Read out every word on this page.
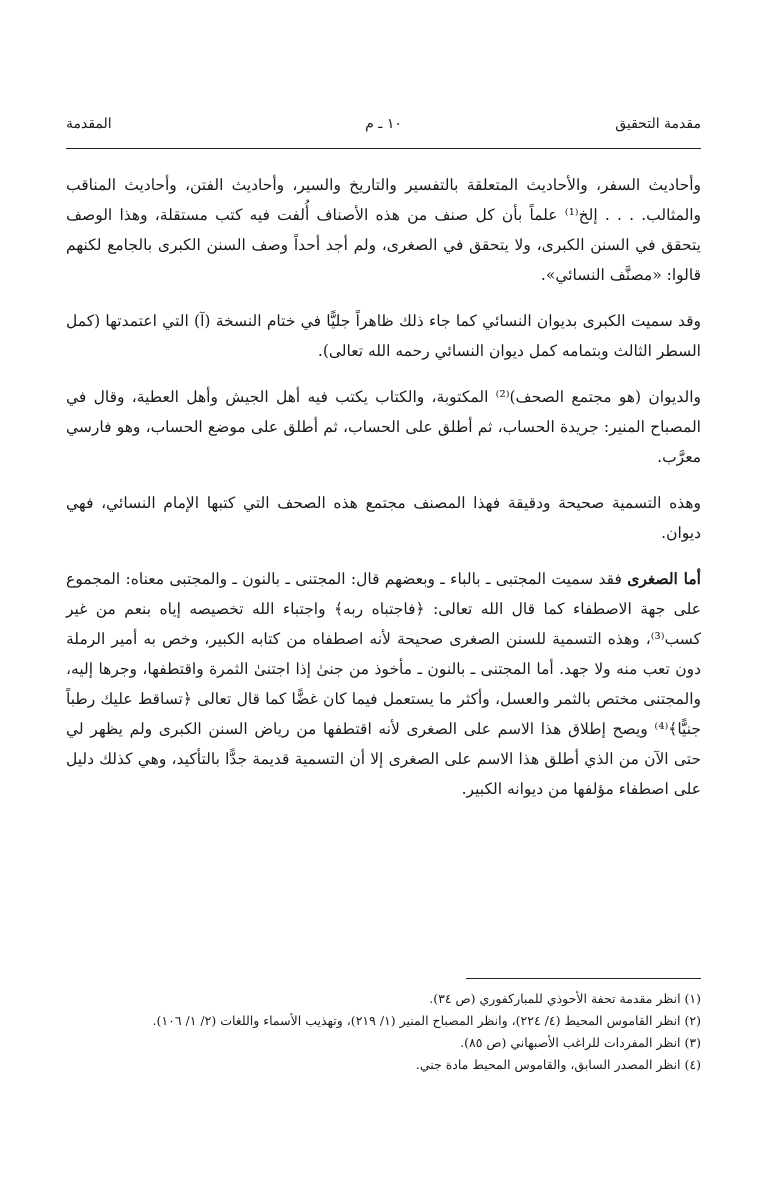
مقدمة التحقيق
١٠ ـ م
المقدمة

وأحاديث السفر، والأحاديث المتعلقة بالتفسير والتاريخ والسير، وأحاديث الفتن، وأحاديث المناقب والمثالب. . . . إلخ⁽¹⁾ علماً بأن كل صنف من هذه الأصناف أُلفت فيه كتب مستقلة، وهذا الوصف يتحقق في السنن الكبرى، ولا يتحقق في الصغرى، ولم أجد أحداً وصف السنن الكبرى بالجامع لكنهم قالوا: «مصنَّف النسائي».

وقد سميت الكبرى بديوان النسائي كما جاء ذلك ظاهراً جليًّا في ختام النسخة (آ) التي اعتمدتها (كمل السطر الثالث وبتمامه كمل ديوان النسائي رحمه الله تعالى).

والديوان (هو مجتمع الصحف)⁽²⁾ المكتوبة، والكتاب يكتب فيه أهل الجيش وأهل العطية، وقال في المصباح المنير: جريدة الحساب، ثم أطلق على الحساب، ثم أطلق على موضع الحساب، وهو فارسي معرَّب.

وهذه التسمية صحيحة ودقيقة فهذا المصنف مجتمع هذه الصحف التي كتبها الإمام النسائي، فهي ديوان.

أما الصغرى فقد سميت المجتبى ـ بالباء ـ وبعضهم قال: المجتنى ـ بالنون ـ والمجتبى معناه: المجموع على جهة الاصطفاء كما قال الله تعالى: ﴿فاجتباه ربه﴾ واجتباء الله تخصيصه إياه بنعم من غير كسب⁽³⁾، وهذه التسمية للسنن الصغرى صحيحة لأنه اصطفاه من كتابه الكبير، وخص به أمير الرملة دون تعب منه ولا جهد. أما المجتنى ـ بالنون ـ مأخوذ من جنىٰ إذا اجتنىٰ الثمرة واقتطفها، وجرها إليه، والمجتنى مختص بالثمر والعسل، وأكثر ما يستعمل فيما كان غضًّا كما قال تعالى ﴿تساقط عليك رطباً جنيًّا﴾⁽⁴⁾ ويصح إطلاق هذا الاسم على الصغرى لأنه اقتطفها من رياض السنن الكبرى ولم يظهر لي حتى الآن من الذي أطلق هذا الاسم على الصغرى إلا أن التسمية قديمة جدًّا بالتأكيد، وهي كذلك دليل على اصطفاء مؤلفها من ديوانه الكبير.

(١) انظر مقدمة تحفة الأحوذي للمباركفوري (ص ٣٤).

(٢) انظر القاموس المحيط (٤/ ٢٢٤)، وانظر المصباح المنير (١/ ٢١٩)، وتهذيب الأسماء واللغات (٢/ ١/ ١٠٦).

(٣) انظر المفردات للراغب الأصبهاني (ص ٨٥).

(٤) انظر المصدر السابق، والقاموس المحيط مادة جني.
